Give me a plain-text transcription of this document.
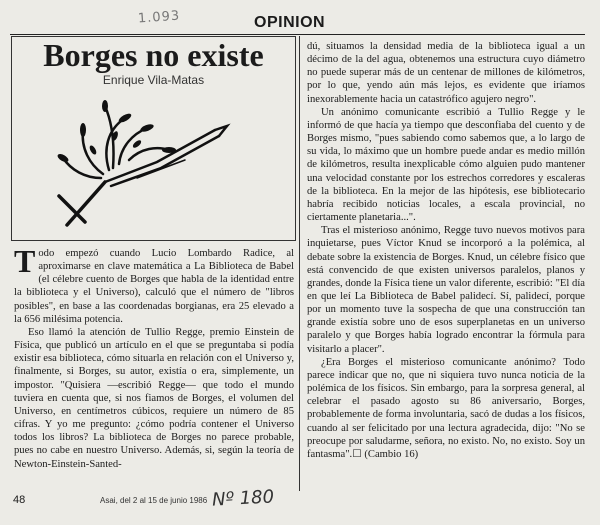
1.093	OPINION
Borges no existe
Enrique Vila-Matas

Todo empezó cuando Lucio Lombardo Radice, al aproximarse en clave matemática a La Biblioteca de Babel (el célebre cuento de Borges que habla de la identidad entre la biblioteca y el Universo), calculó que el número de "libros posibles", en base a las coordenadas borgianas, era 25 elevado a la 656 milésima potencia.

Eso llamó la atención de Tullio Regge, premio Einstein de Física, que publicó un artículo en el que se preguntaba si podía existir esa biblioteca, cómo situarla en relación con el Universo y, finalmente, si Borges, su autor, existía o era, simplemente, un impostor. "Quisiera —escribió Regge— que todo el mundo tuviera en cuenta que, si nos fiamos de Borges, el volumen del Universo, en centímetros cúbicos, requiere un número de 85 cifras. Y yo me pregunto: ¿cómo podría contener el Universo todos los libros? La biblioteca de Borges no parece probable, pues no cabe en nuestro Universo. Además, si, según la teoría de Newton-Einstein-Santed-

dú, situamos la densidad media de la biblioteca igual a un décimo de la del agua, obtenemos una estructura cuyo diámetro no puede superar más de un centenar de millones de kilómetros, por lo que, yendo aún más lejos, es evidente que iríamos inexorablemente hacia un catastrófico agujero negro".

Un anónimo comunicante escribió a Tullio Regge y le informó de que hacía ya tiempo que desconfiaba del cuento y de Borges mismo, "pues sabiendo como sabemos que, a lo largo de su vida, lo máximo que un hombre puede andar es medio millón de kilómetros, resulta inexplicable cómo alguien pudo mantener una velocidad constante por los estrechos corredores y escaleras de la biblioteca. En la mejor de las hipótesis, ese bibliotecario habría recibido noticias locales, a escala provincial, no ciertamente planetaria...".

Tras el misterioso anónimo, Regge tuvo nuevos motivos para inquietarse, pues Víctor Knud se incorporó a la polémica, al debate sobre la existencia de Borges. Knud, un célebre físico que está convencido de que existen universos paralelos, planos y grandes, donde la Física tiene un valor diferente, escribió: "El día en que leí La Biblioteca de Babel palidecí. Sí, palidecí, porque por un momento tuve la sospecha de que una construcción tan grande existía sobre uno de esos superplanetas en un universo paralelo y que Borges había logrado encontrar la fórmula para visitarlo a placer".

¿Era Borges el misterioso comunicante anónimo? Todo parece indicar que no, que ni siquiera tuvo nunca noticia de la polémica de los físicos. Sin embargo, para la sorpresa general, al celebrar el pasado agosto su 86 aniversario, Borges, probablemente de forma involuntaria, sacó de dudas a los físicos, cuando al ser felicitado por una lectura agradecida, dijo: "No se preocupe por saludarme, señora, no existo. No, no existo. Soy un fantasma".☐ (Cambio 16)

48	Asai, del 2 al 15 de junio 1986 Nº 180
